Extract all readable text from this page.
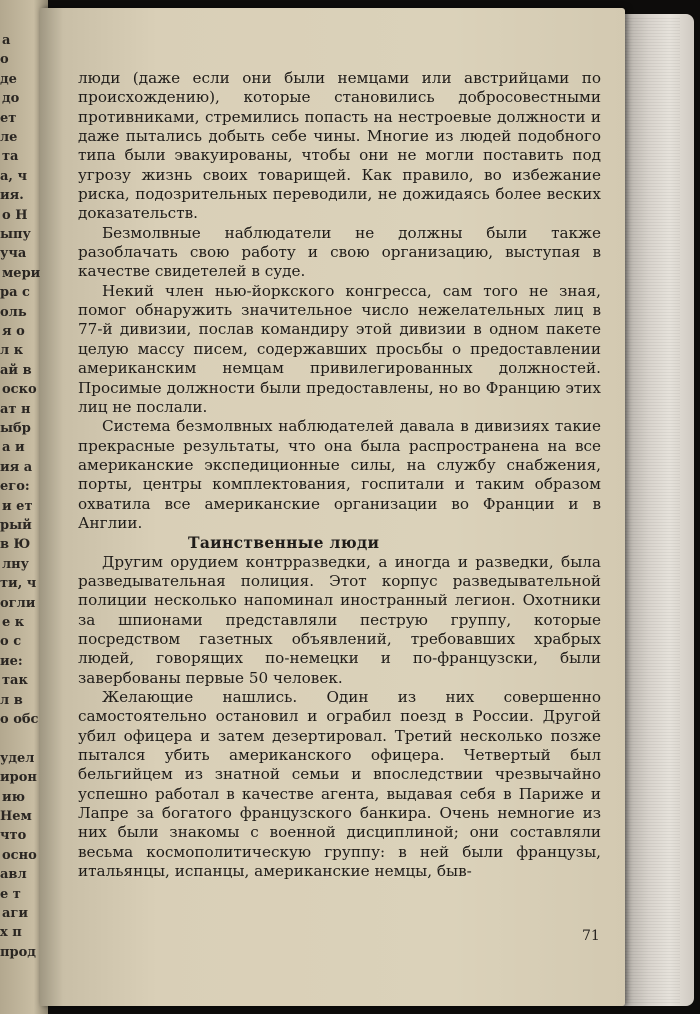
а
о
де
до
ет
ле
та
а, ч
ия.
о Н
ыпу
уча
мери
ра с
оль
я о
л к
ай в
оско
ат н
ыбр
а и
ия а
его:
и ет
рый
в Ю
лну
ти, ч
огли
е к
о с
ие:
так
л в
о обс
удел
ирон
ию
Нем
что
осно
авл
е т
аги
х п
прод

люди (даже если они были немцами или австрийцами по происхождению), которые становились добросовестными противниками, стремились попасть на нестроевые должности и даже пытались добыть себе чины. Многие из людей подобного типа были эвакуированы, чтобы они не могли поставить под угрозу жизнь своих товарищей. Как правило, во избежание риска, подозрительных переводили, не дожидаясь более веских доказательств.

Безмолвные наблюдатели не должны были также разоблачать свою работу и свою организацию, выступая в качестве свидетелей в суде.

Некий член нью-йоркского конгресса, сам того не зная, помог обнаружить значительное число нежелательных лиц в 77-й дивизии, послав командиру этой дивизии в одном пакете целую массу писем, содержавших просьбы о предоставлении американским немцам привилегированных должностей. Просимые должности были предоставлены, но во Францию этих лиц не послали.

Система безмолвных наблюдателей давала в дивизиях такие прекрасные результаты, что она была распространена на все американские экспедиционные силы, на службу снабжения, порты, центры комплектования, госпитали и таким образом охватила все американские организации во Франции и в Англии.

Таинственные люди

Другим орудием контрразведки, а иногда и разведки, была разведывательная полиция. Этот корпус разведывательной полиции несколько напоминал иностранный легион. Охотники за шпионами представляли пеструю группу, которые посредством газетных объявлений, требовавших храбрых людей, говорящих по-немецки и по-французски, были завербованы первые 50 человек.

Желающие нашлись. Один из них совершенно самостоятельно остановил и ограбил поезд в России. Другой убил офицера и затем дезертировал. Третий несколько позже пытался убить американского офицера. Четвертый был бельгийцем из знатной семьи и впоследствии чрезвычайно успешно работал в качестве агента, выдавая себя в Париже и Лапре за богатого французского банкира. Очень немногие из них были знакомы с военной дисциплиной; они составляли весьма космополитическую группу: в ней были французы, итальянцы, испанцы, американские немцы, быв-

71
